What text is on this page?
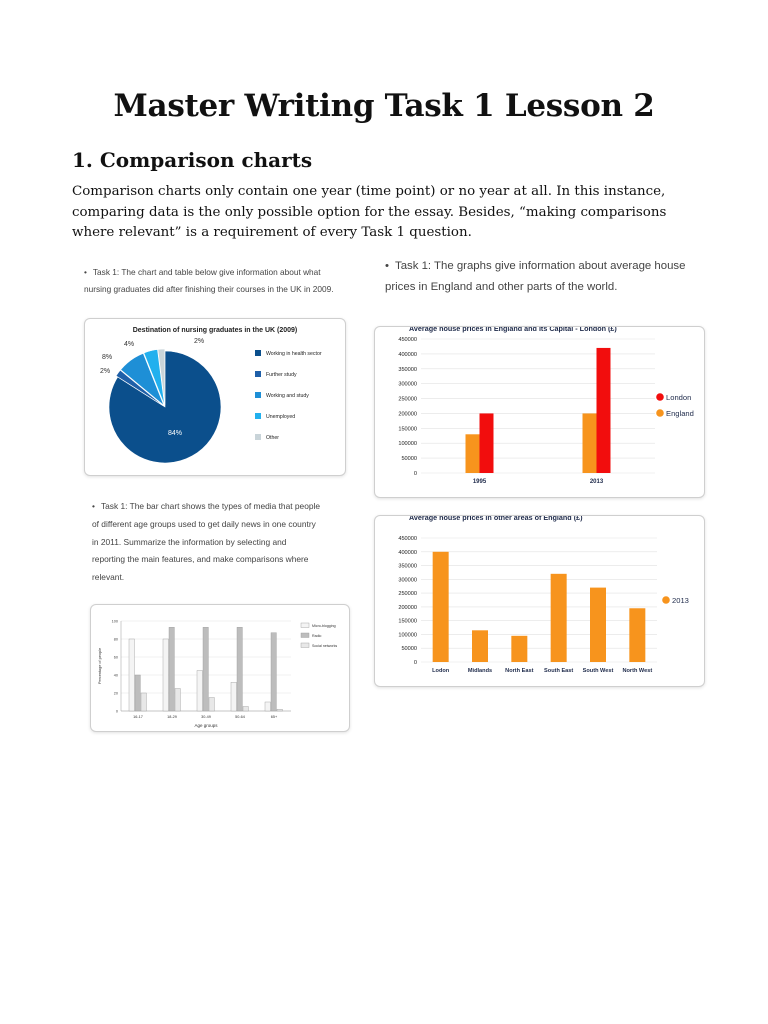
Master Writing Task 1 Lesson 2
1. Comparison charts
Comparison charts only contain one year (time point) or no year at all. In this instance, comparing data is the only possible option for the essay. Besides, “making comparisons where relevant” is a requirement of every Task 1 question.
• Task 1: The chart and table below give information about what
nursing graduates did after finishing their courses in the UK in 2009.
• Task 1: The graphs give information about average house
prices in England and other parts of the world.
• Task 1: The bar chart shows the types of media that people
of different age groups used to get daily news in one country
in 2011. Summarize the information by selecting and
reporting the main features, and make comparisons where
relevant.
Destination of nursing graduates in the UK (2009)
84%
2%
8%
4%	2%
Working in health sector
Further study
Working and study
Unemployed
Other
0
20
40
60
80
100
16-17	18-29	30-49	50-64	65+
Age groups
Percentage of people
Micro-blogging
Radio
Social networks
Average house prices in England and its Capital - London (£)
0
50000
100000
150000
200000
250000
300000
350000
400000
450000
1995	2013
London
England
Average house prices in other areas of England (£)
0
50000
100000
150000
200000
250000
300000
350000
400000
450000
Lodon	Midlands North East South East South West North West
2013
